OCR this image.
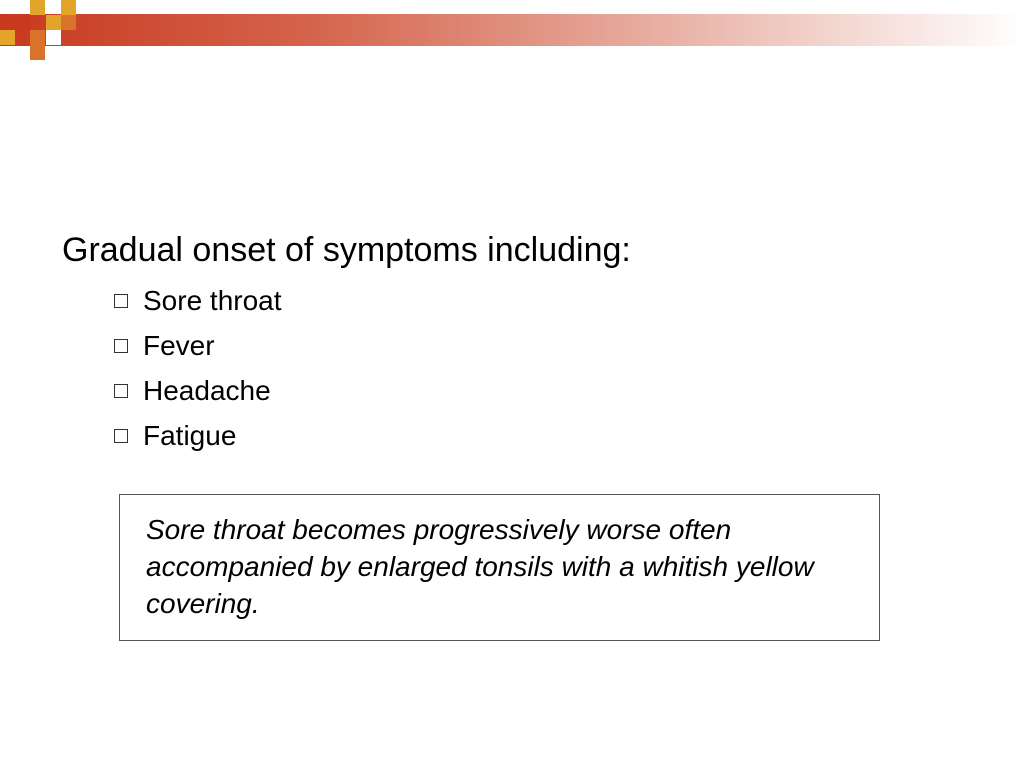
Gradual onset of symptoms including:

Sore throat
Fever
Headache
Fatigue

Sore throat becomes progressively worse often accompanied by enlarged tonsils with a whitish yellow covering.
